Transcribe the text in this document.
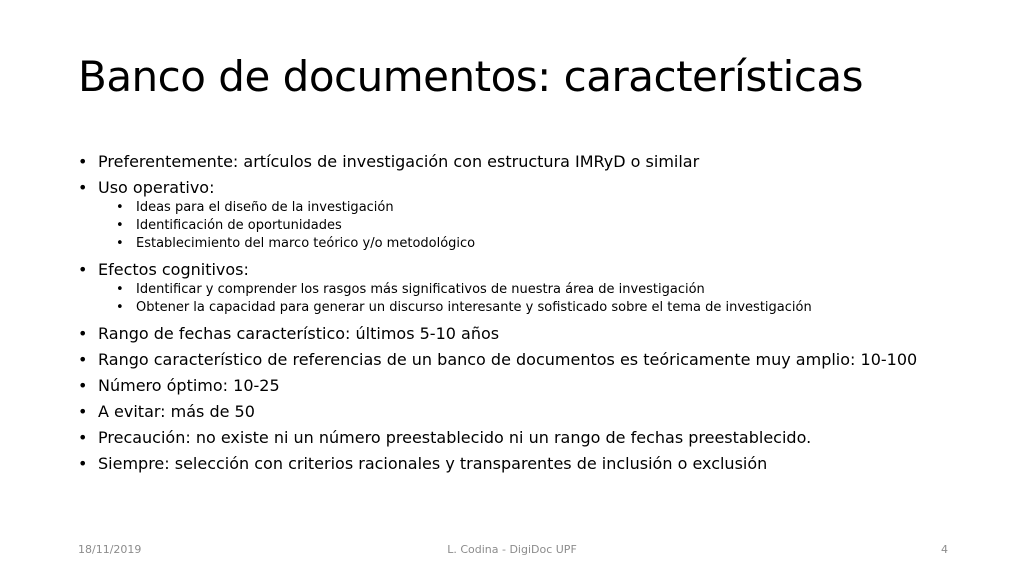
Banco de documentos: características
• Preferentemente: artículos de investigación con estructura IMRyD o similar
• Uso operativo:
• Ideas para el diseño de la investigación
• Identificación de oportunidades
• Establecimiento del marco teórico y/o metodológico
• Efectos cognitivos:
• Identificar y comprender los rasgos más significativos de nuestra área de investigación
• Obtener la capacidad para generar un discurso interesante y sofisticado sobre el tema de investigación
• Rango de fechas característico: últimos 5-10 años
• Rango característico de referencias de un banco de documentos es teóricamente muy amplio: 10-100
• Número óptimo: 10-25
• A evitar: más de 50
• Precaución: no existe ni un número preestablecido ni un rango de fechas preestablecido.
• Siempre: selección con criterios racionales y transparentes de inclusión o exclusión
18/11/2019	L. Codina - DigiDoc UPF	4
